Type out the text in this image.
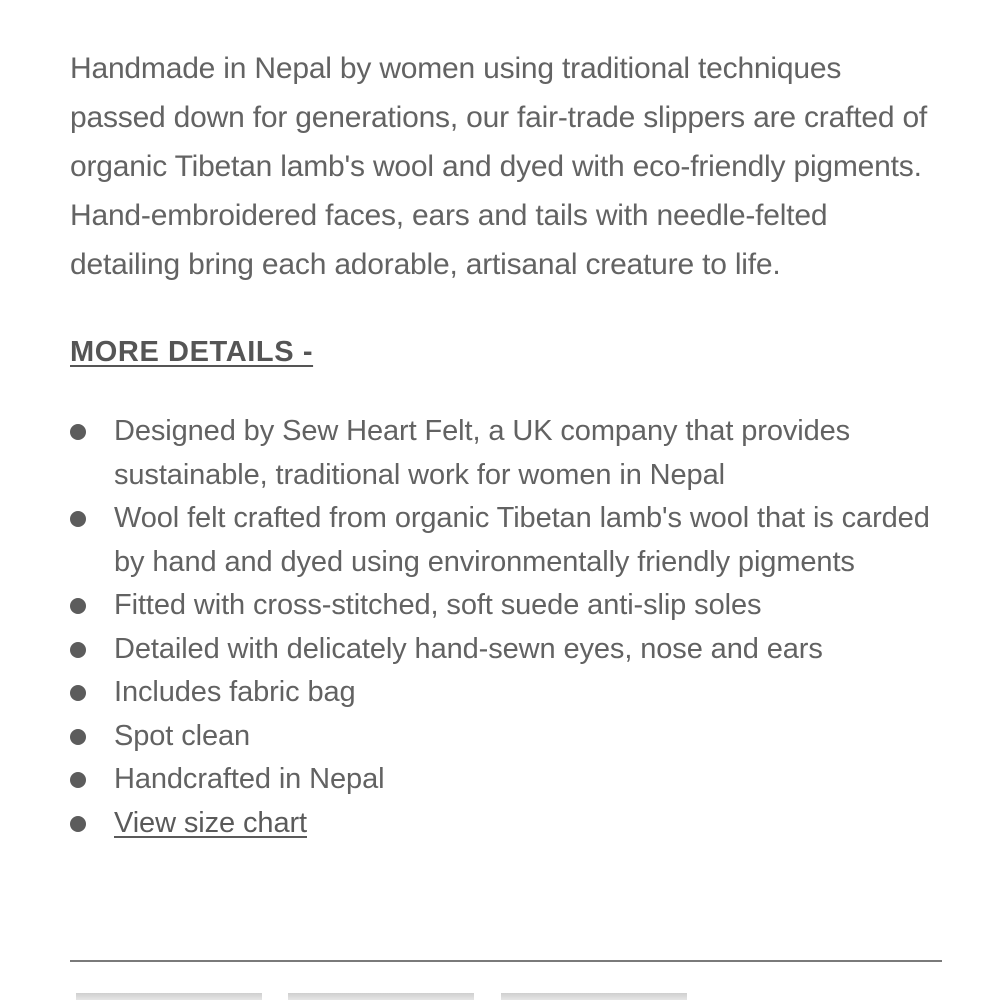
Handmade in Nepal by women using traditional techniques passed down for generations, our fair-trade slippers are crafted of organic Tibetan lamb's wool and dyed with eco-friendly pigments. Hand-embroidered faces, ears and tails with needle-felted detailing bring each adorable, artisanal creature to life.

MORE DETAILS -
Designed by Sew Heart Felt, a UK company that provides sustainable, traditional work for women in Nepal
Wool felt crafted from organic Tibetan lamb's wool that is carded by hand and dyed using environmentally friendly pigments
Fitted with cross-stitched, soft suede anti-slip soles
Detailed with delicately hand-sewn eyes, nose and ears
Includes fabric bag
Spot clean
Handcrafted in Nepal
View size chart
